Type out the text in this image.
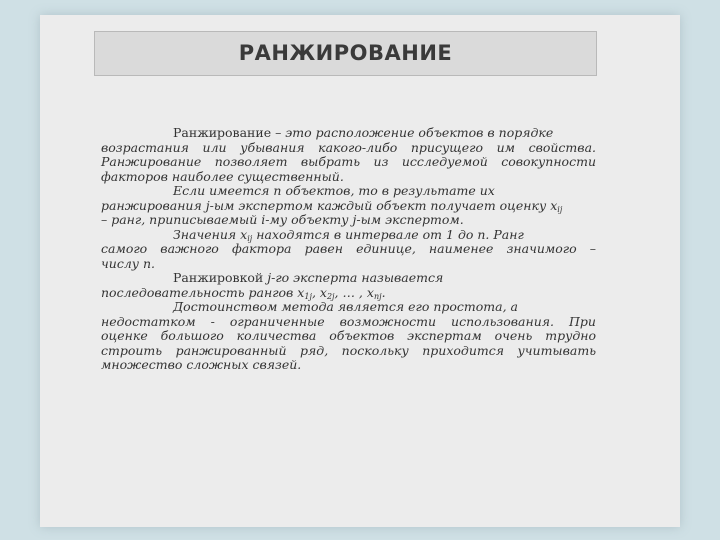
РАНЖИРОВАНИЕ
Ранжирование – это расположение объектов в порядке
возрастания или убывания какого-либо присущего им свойства.
Ранжирование позволяет выбрать из исследуемой совокупности
факторов наиболее существенный.
Если имеется n объектов, то в результате их
ранжирования j-ым экспертом каждый объект получает оценку $x_{ij}$
– ранг, приписываемый i-му объекту j-ым экспертом.
Значения $x_{ij}$ находятся в интервале от 1 до n. Ранг
самого важного фактора равен единице, наименее значимого –
числу n.
Ранжировкой j-го эксперта называется
последовательность рангов $x_{1j}$, $x_{2j}$, … , $x_{nj}$.
Достоинством метода является его простота, а
недостатком - ограниченные возможности использования. При
оценке большого количества объектов экспертам очень трудно
строить ранжированный ряд, поскольку приходится учитывать
множество сложных связей.
